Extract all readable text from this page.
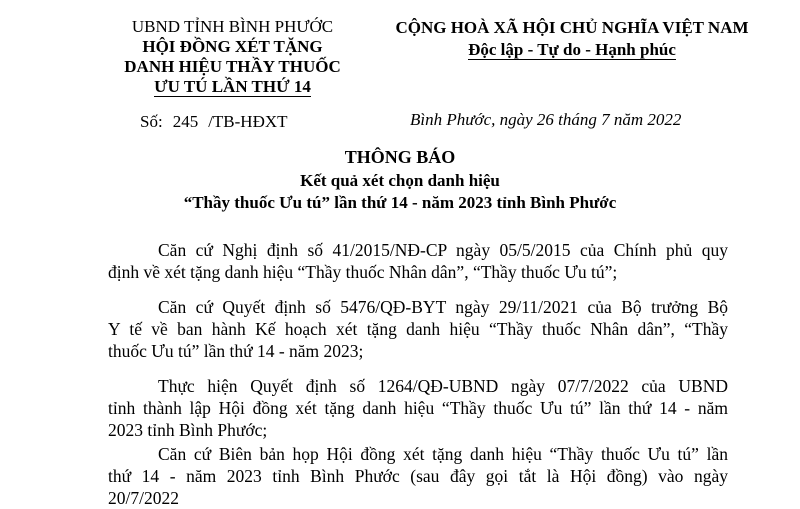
UBND TỈNH BÌNH PHƯỚC
HỘI ĐỒNG XÉT TẶNG
DANH HIỆU THẦY THUỐC
ƯU TÚ LẦN THỨ 14
CỘNG HOÀ XÃ HỘI CHỦ NGHĨA VIỆT NAM
Độc lập - Tự do - Hạnh phúc
Số: 245 /TB-HĐXT	Bình Phước, ngày 26 tháng 7 năm 2022
THÔNG BÁO
Kết quả xét chọn danh hiệu
“Thầy thuốc Ưu tú” lần thứ 14 - năm 2023 tỉnh Bình Phước
Căn cứ Nghị định số 41/2015/NĐ-CP ngày 05/5/2015 của Chính phủ quy
định về xét tặng danh hiệu “Thầy thuốc Nhân dân”, “Thầy thuốc Ưu tú”;
Căn cứ Quyết định số 5476/QĐ-BYT ngày 29/11/2021 của Bộ trưởng Bộ
Y tế về ban hành Kế hoạch xét tặng danh hiệu “Thầy thuốc Nhân dân”, “Thầy
thuốc Ưu tú” lần thứ 14 - năm 2023;
Thực hiện Quyết định số 1264/QĐ-UBND ngày 07/7/2022 của UBND
tỉnh thành lập Hội đồng xét tặng danh hiệu “Thầy thuốc Ưu tú” lần thứ 14 - năm
2023 tỉnh Bình Phước;
Căn cứ Biên bản họp Hội đồng xét tặng danh hiệu “Thầy thuốc Ưu tú” lần
thứ 14 - năm 2023 tỉnh Bình Phước (sau đây gọi tắt là Hội đồng) vào ngày
20/7/2022
